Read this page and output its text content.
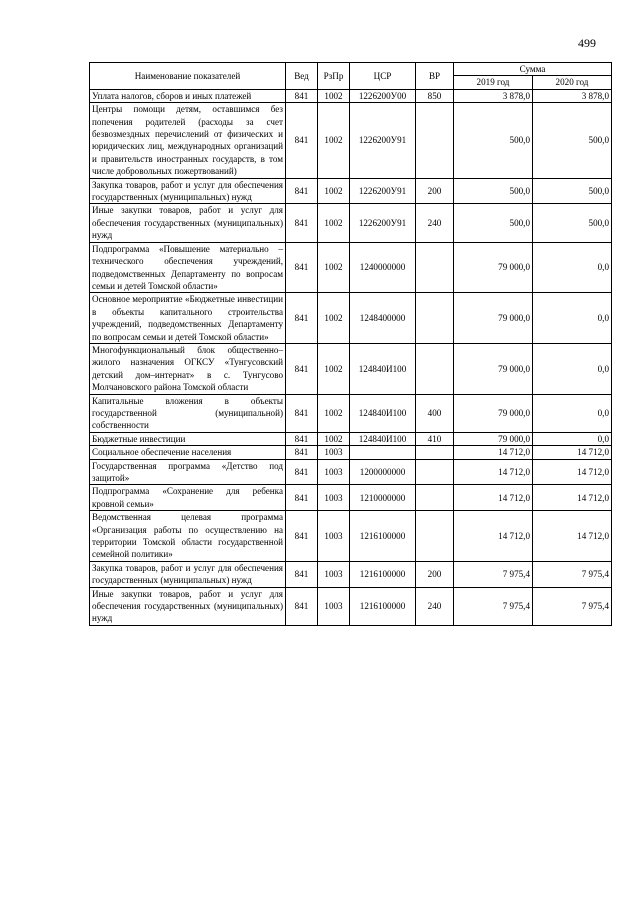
499
Наименование показателей	Вед	РзПр	ЦСР	ВР	Сумма	
					2019 год	2020 год
Уплата налогов, сборов и иных платежей	841	1002	1226200У00	850	3 878,0	3 878,0
Центры помощи детям, оставшимся без попечения родителей (расходы за счет безвозмездных перечислений от физических и юридических лиц, международных организаций и правительств иностранных государств, в том числе добровольных пожертвований)	841	1002	1226200У91		500,0	500,0
Закупка товаров, работ и услуг для обеспечения государственных (муниципальных) нужд	841	1002	1226200У91	200	500,0	500,0
Иные закупки товаров, работ и услуг для обеспечения государственных (муниципальных) нужд	841	1002	1226200У91	240	500,0	500,0
Подпрограмма «Повышение материально – технического обеспечения учреждений, подведомственных Департаменту по вопросам семьи и детей Томской области»	841	1002	1240000000		79 000,0	0,0
Основное мероприятие «Бюджетные инвестиции в объекты капитального строительства учреждений, подведомственных Департаменту по вопросам семьи и детей Томской области»	841	1002	1248400000		79 000,0	0,0
Многофункциональный блок общественно–жилого назначения ОГКСУ «Тунгусовский детский дом–интернат» в с. Тунгусово Молчановского района Томской области	841	1002	124840И100		79 000,0	0,0
Капитальные вложения в объекты государственной (муниципальной) собственности	841	1002	124840И100	400	79 000,0	0,0
Бюджетные инвестиции	841	1002	124840И100	410	79 000,0	0,0
Социальное обеспечение населения	841	1003			14 712,0	14 712,0
Государственная программа «Детство под защитой»	841	1003	1200000000		14 712,0	14 712,0
Подпрограмма «Сохранение для ребенка кровной семьи»	841	1003	1210000000		14 712,0	14 712,0
Ведомственная целевая программа «Организация работы по осуществлению на территории Томской области государственной семейной политики»	841	1003	1216100000		14 712,0	14 712,0
Закупка товаров, работ и услуг для обеспечения государственных (муниципальных) нужд	841	1003	1216100000	200	7 975,4	7 975,4
Иные закупки товаров, работ и услуг для обеспечения государственных (муниципальных) нужд	841	1003	1216100000	240	7 975,4	7 975,4
